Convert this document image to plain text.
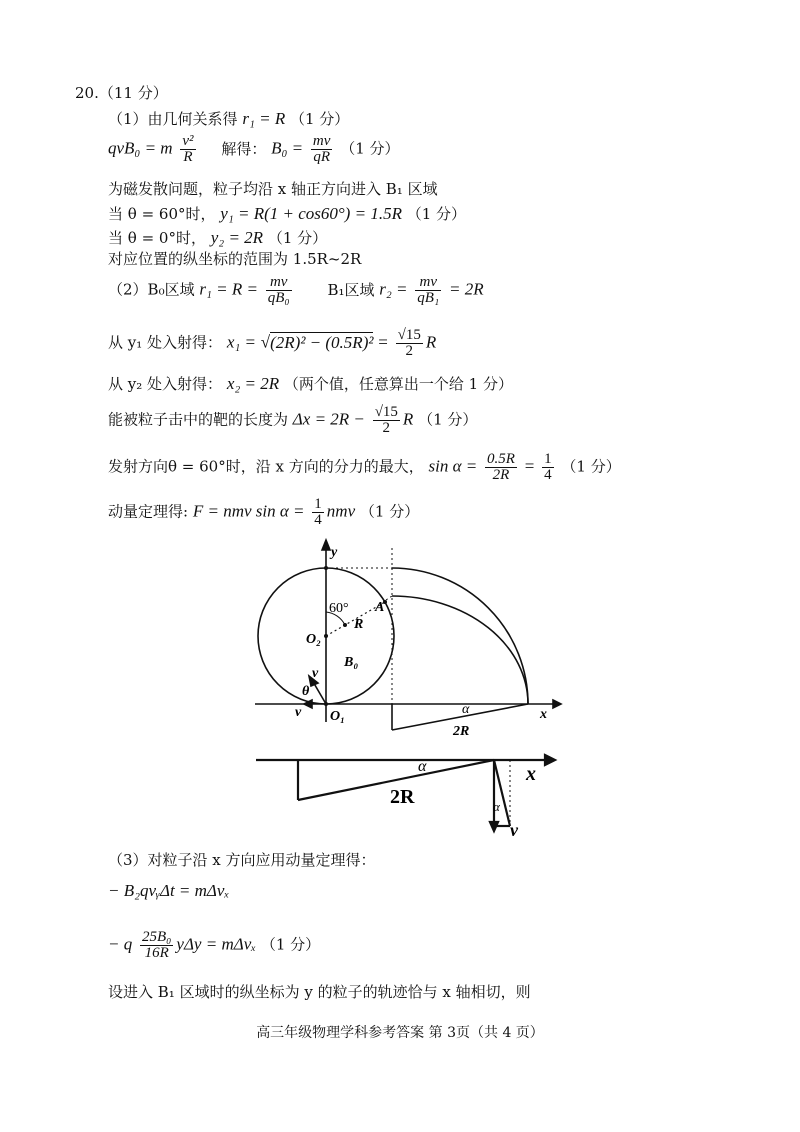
20.（11 分）
（1）由几何关系得 r₁ = R （1 分）
qvB₀ = m $\frac{\text{v²}}{R}$ 解得： $B_0 = \frac{mv}{qR} (1$ 分）
为磁发散问题，粒子均沿 x 轴正方向进入 B₁ 区域
当 θ = 60°时， y₁ = R(1 + cos60°) = 1.5R （1 分）
当 θ = 0°时， y₂ = 2R （1 分）
对应位置的纵坐标的范围为 1.5R~2R
（2）B₀区域 $r_1 = R = \frac{mv}{\text{qB₀}} B_1$区域 $r_2 = \frac{mv}{\text{qB₁}} = 2R$
从 y₁ 处入射得： $x_1 = √(2R)^2 - (0.5R)^2 = \frac{√15}{2}$ R
从 y₂ 处入射得： x₂ = 2R （两个值，任意算出一个给 1 分）
能被粒子击中的靶的长度为 $\Delta x = 2R - \frac{√15}{2}$ R （1 分）
发射方向θ = 60°时，沿 x 方向的分力的最大， $\sin \alpha = \frac{0.5R}{2R} = \frac{1}{4} (1$ 分）
动量定理得: F = nmv $\sin \alpha = \frac{1}{4}$ nmv （1 分）
y
x
60° A
R
O₂
B₀
v
θ
v O₁	α
2R
α	x
2R	α
v
（3）对粒子沿 x 方向应用动量定理得：
− B₂qvᵧΔt = mΔvₓ
− q $\frac{\text{25B₀}}{16R}$ yΔy = mΔvₓ （1 分）
设进入 B₁ 区域时的纵坐标为 y 的粒子的轨迹恰与 x 轴相切，则
高三年级物理学科参考答案 第 3页（共 4 页）
